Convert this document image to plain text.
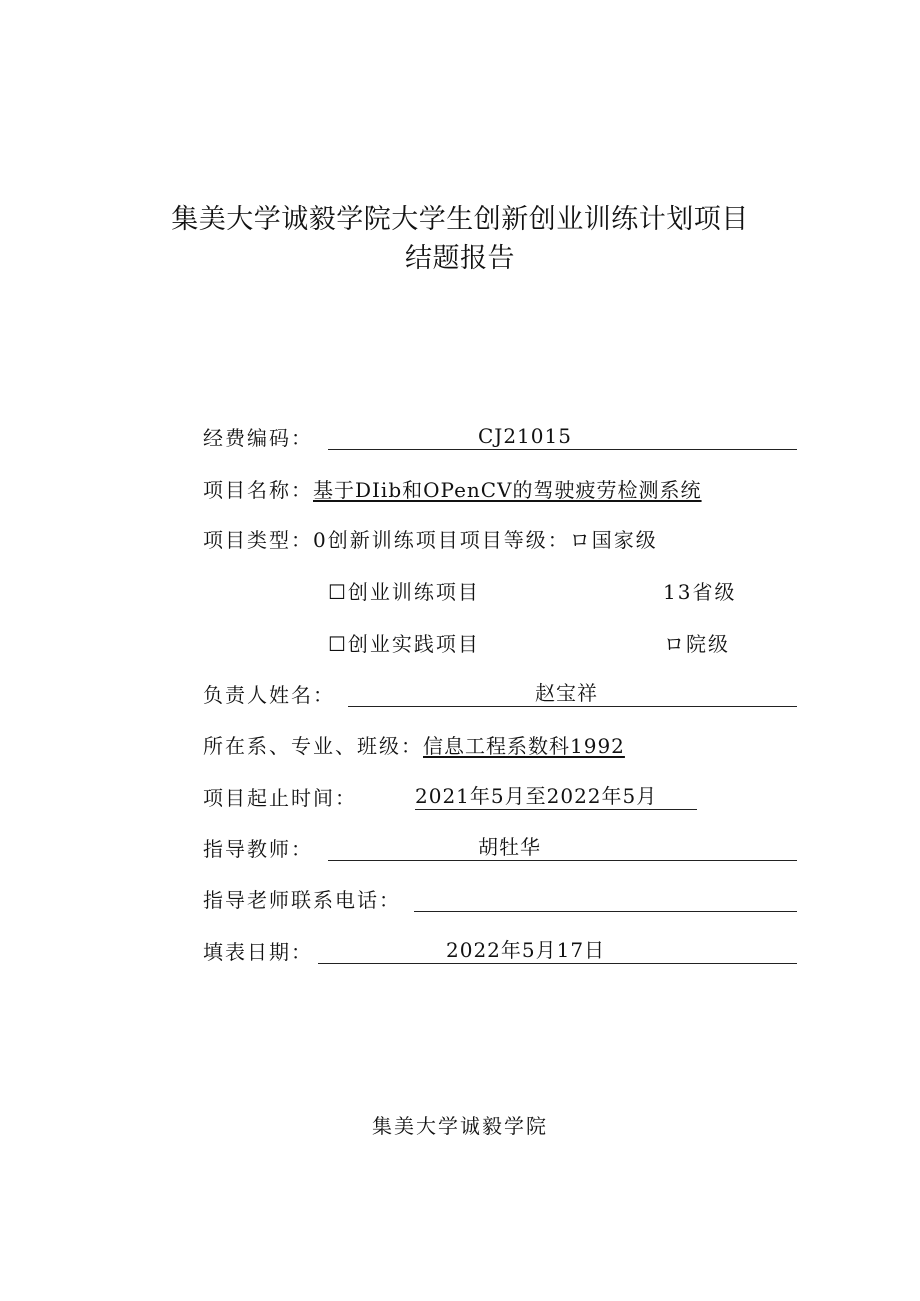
集美大学诚毅学院大学生创新创业训练计划项目
结题报告
经费编码：	CJ21015
项目名称：基于DIib和OPenCV的驾驶疲劳检测系统
项目类型：0创新训练项目项目等级：ロ国家级
☐创业训练项目	13省级
☐创业实践项目	ロ院级
负责人姓名：	赵宝祥
所在系、专业、班级：信息工程系数科1992
项目起止时间：	2021年5月至2022年5月
指导教师：	胡牡华
指导老师联系电话：
填表日期：	2022年5月17日
集美大学诚毅学院
